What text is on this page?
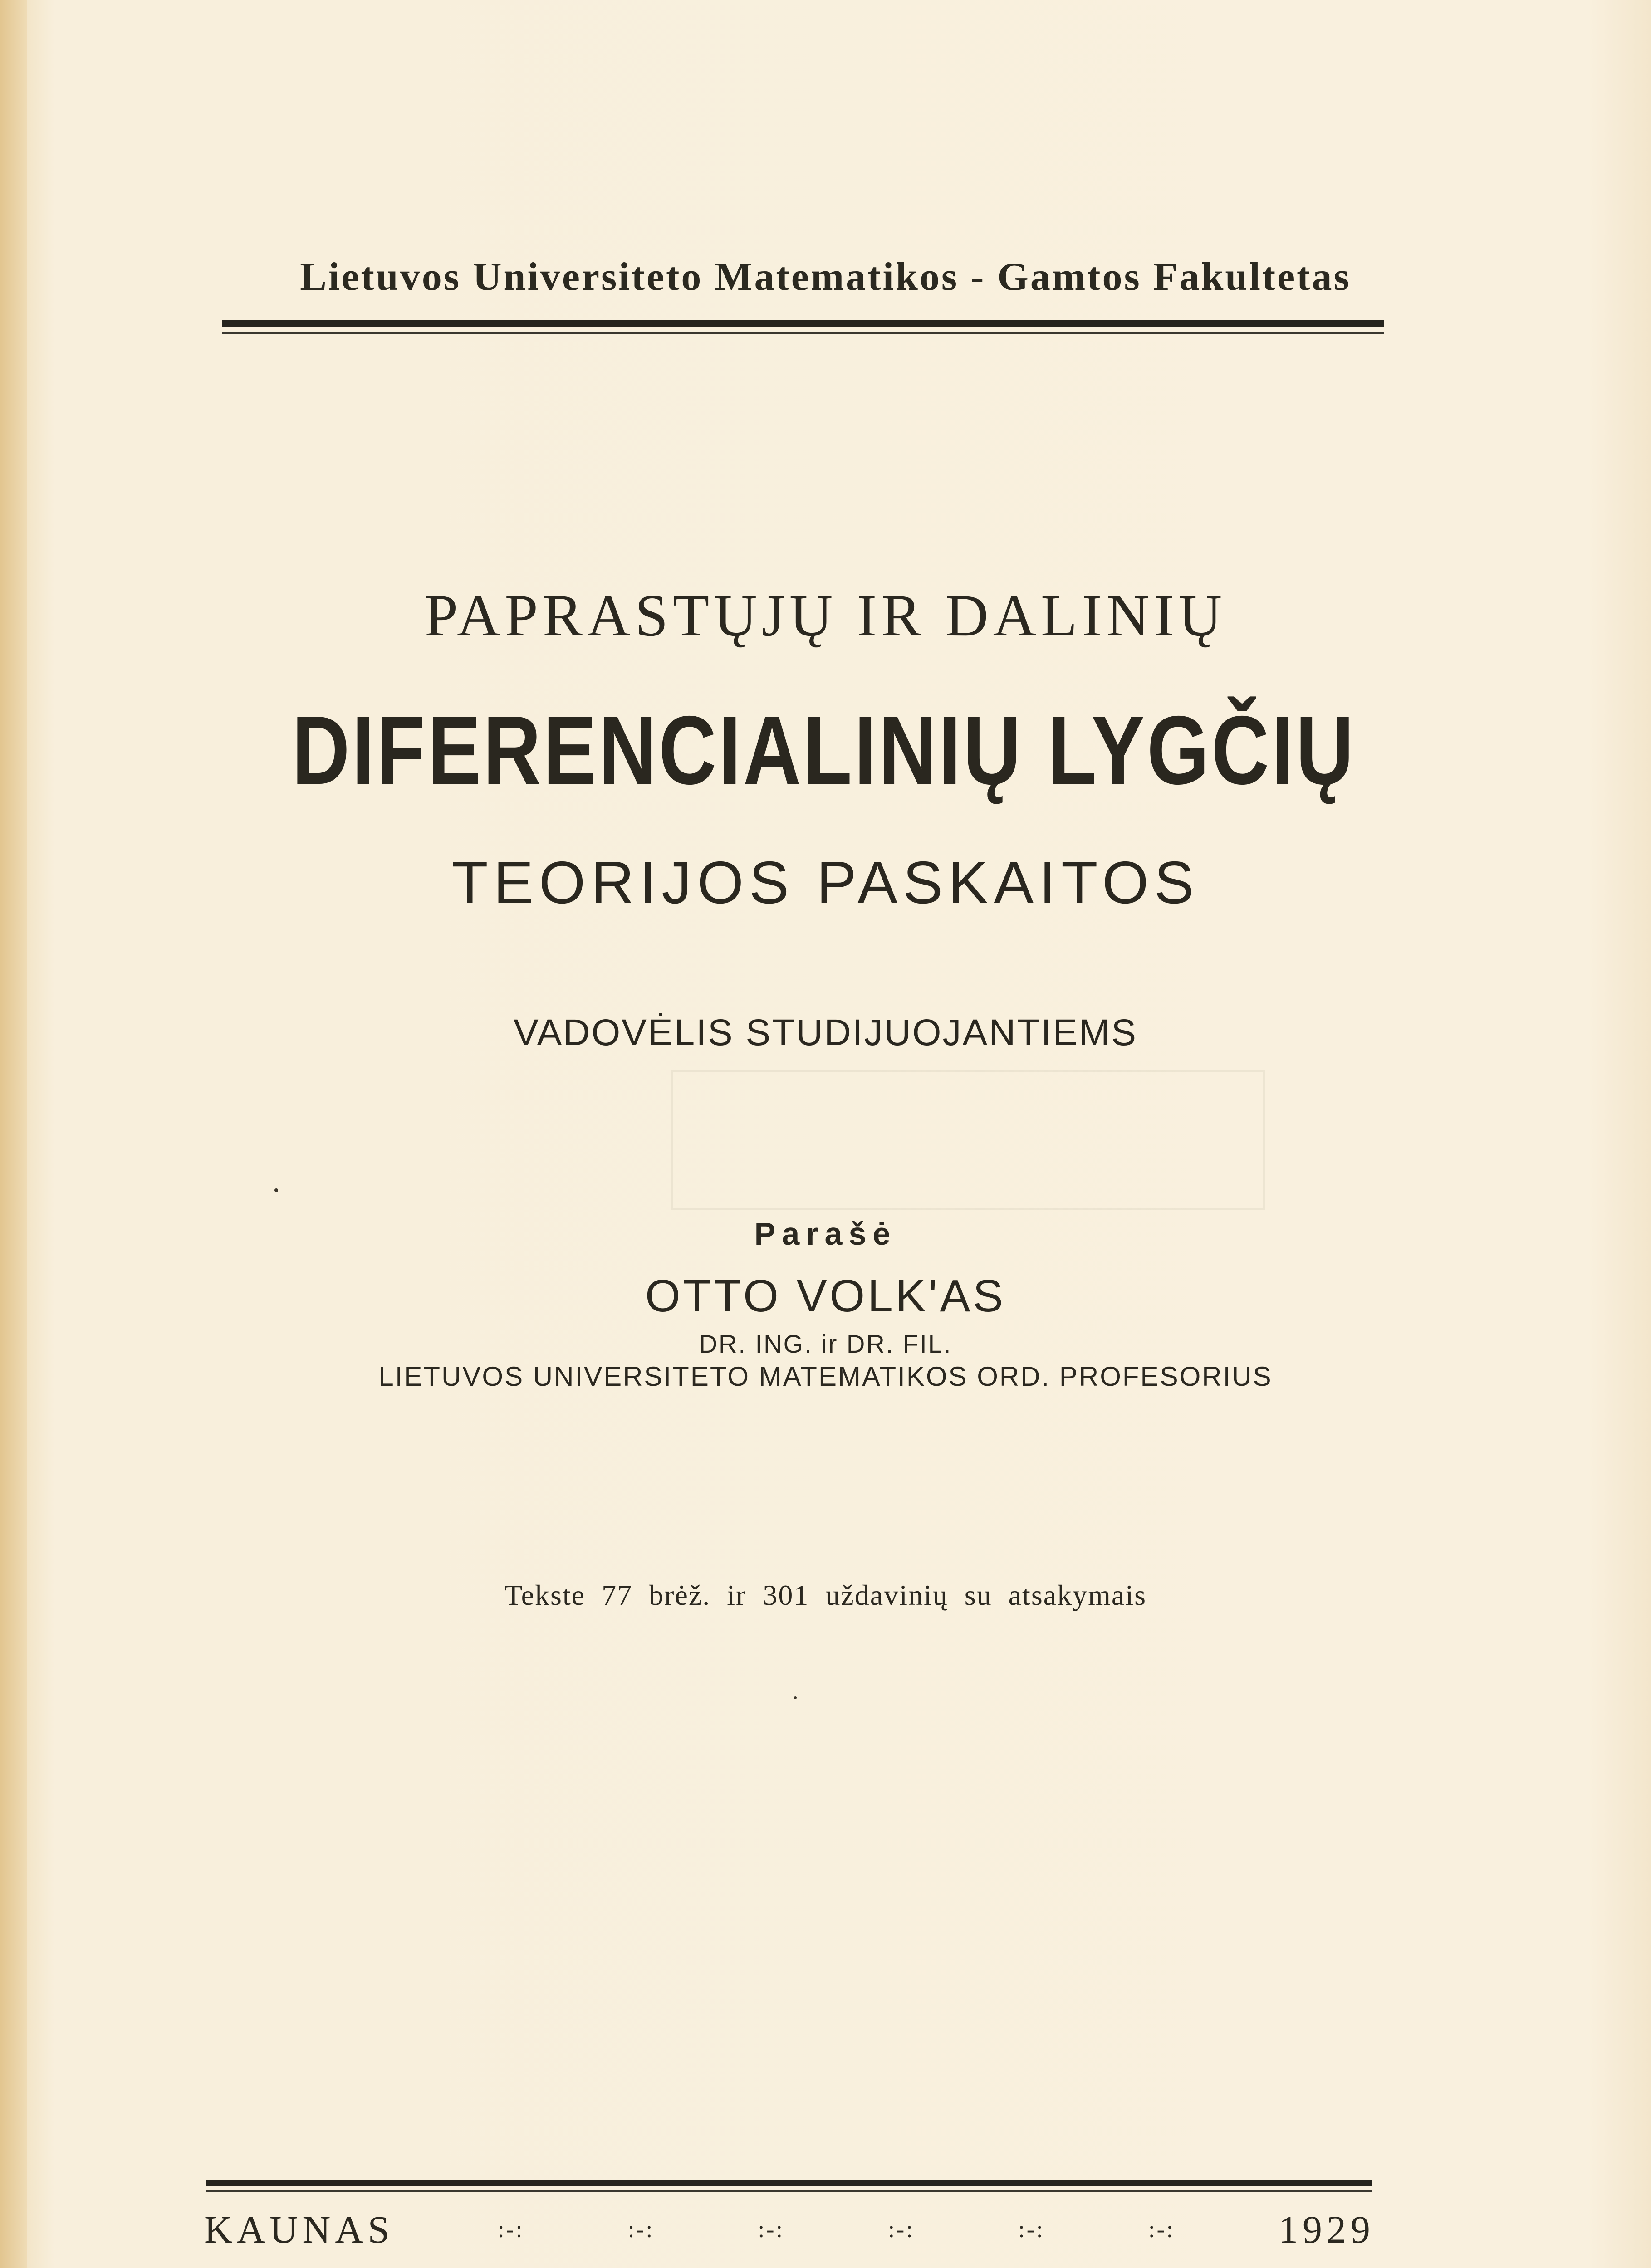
Lietuvos Universiteto Matematikos - Gamtos Fakultetas
PAPRASTŲJŲ IR DALINIŲ
DIFERENCIALINIŲ LYGČIŲ
TEORIJOS PASKAITOS
VADOVĖLIS STUDIJUOJANTIEMS
Parašė
OTTO VOLK'AS
DR. ING. ir DR. FIL.
LIETUVOS UNIVERSITETO MATEMATIKOS ORD. PROFESORIUS
Tekste 77 brėž. ir 301 uždavinių su atsakymais
KAUNAS	:-:	:-:	:-:	:-:	:-:	:-:	1929
